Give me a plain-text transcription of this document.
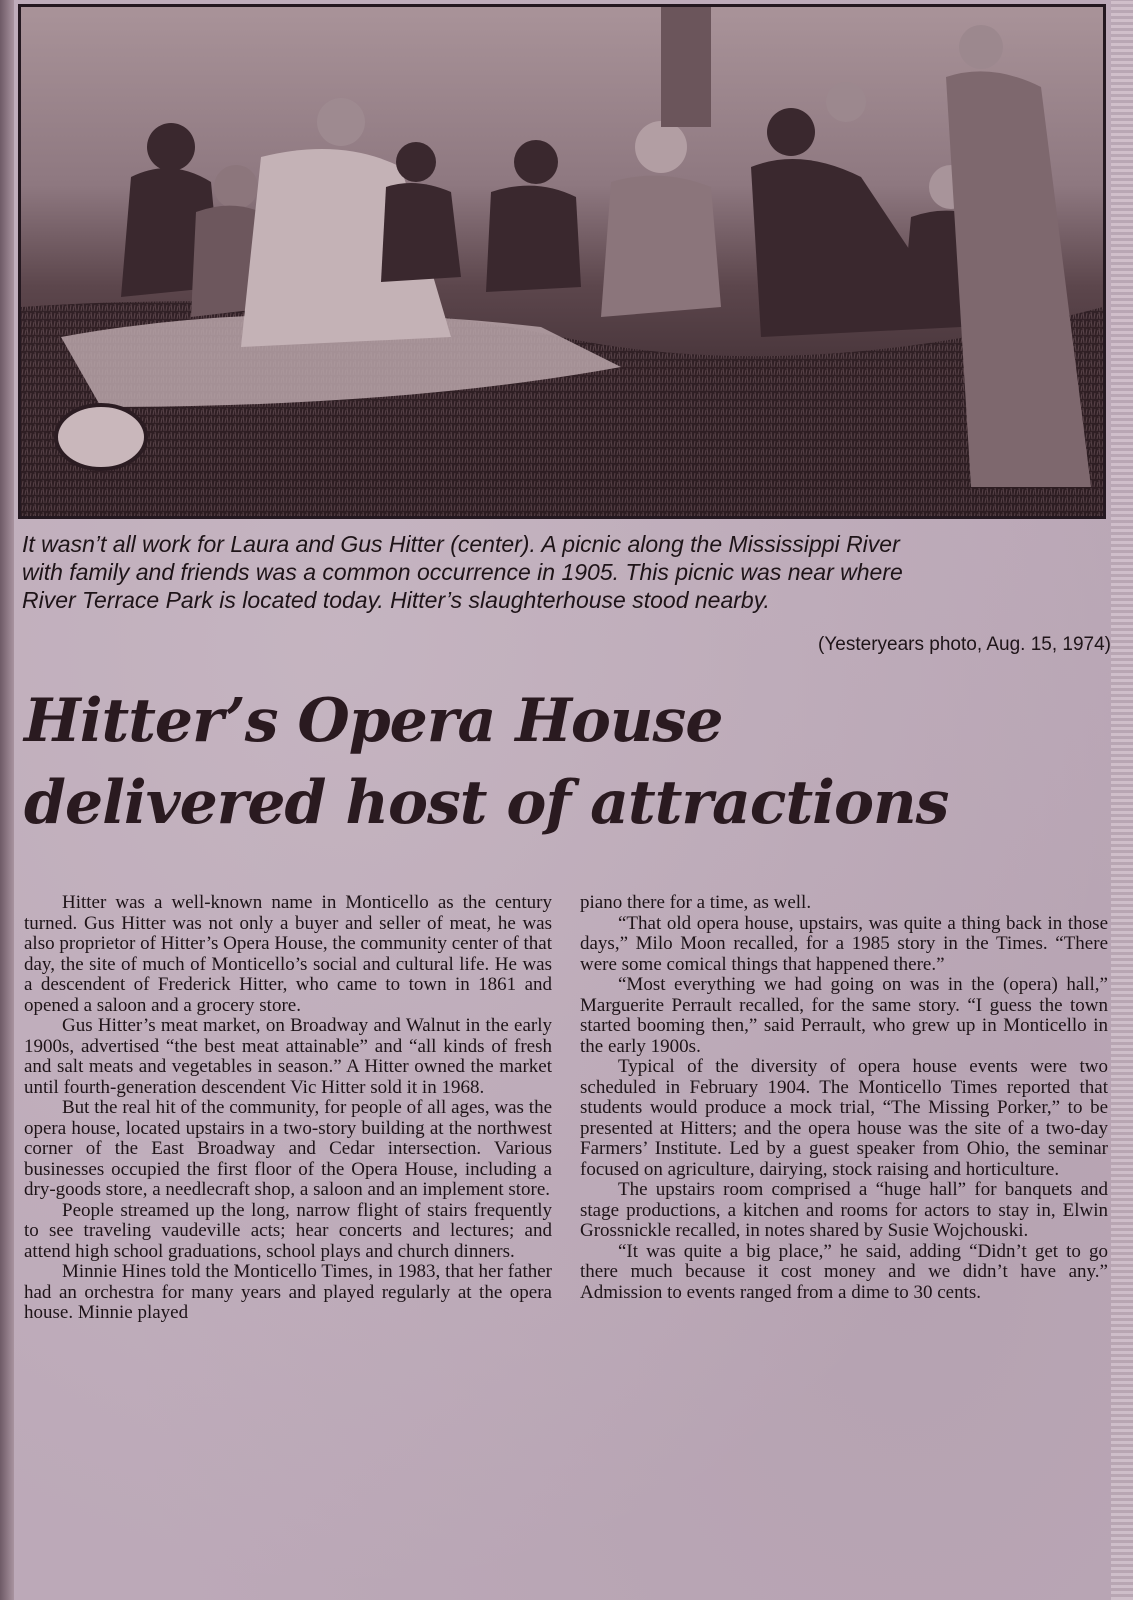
It wasn’t all work for Laura and Gus Hitter (center). A picnic along the Mississippi River
with family and friends was a common occurrence in 1905. This picnic was near where
River Terrace Park is located today. Hitter’s slaughterhouse stood nearby.
(Yesteryears photo, Aug. 15, 1974)
Hitter’s Opera House
delivered host of attractions

Hitter was a well-known name in Monticello as the century turned. Gus Hitter was not only a buyer and seller of meat, he was also proprietor of Hitter’s Opera House, the community center of that day, the site of much of Monticello’s social and cultural life. He was a descendent of Frederick Hitter, who came to town in 1861 and opened a saloon and a grocery store.

Gus Hitter’s meat market, on Broadway and Walnut in the early 1900s, advertised “the best meat attainable” and “all kinds of fresh and salt meats and vegetables in season.” A Hitter owned the market until fourth-generation descendent Vic Hitter sold it in 1968.

But the real hit of the community, for people of all ages, was the opera house, located upstairs in a two-story building at the northwest corner of the East Broadway and Cedar intersection. Various businesses occupied the first floor of the Opera House, including a dry-goods store, a needlecraft shop, a saloon and an implement store.

People streamed up the long, narrow flight of stairs frequently to see traveling vaudeville acts; hear concerts and lectures; and attend high school graduations, school plays and church dinners.

Minnie Hines told the Monticello Times, in 1983, that her father had an orchestra for many years and played regularly at the opera house. Minnie played

piano there for a time, as well.

“That old opera house, upstairs, was quite a thing back in those days,” Milo Moon recalled, for a 1985 story in the Times. “There were some comical things that happened there.”

“Most everything we had going on was in the (opera) hall,” Marguerite Perrault recalled, for the same story. “I guess the town started booming then,” said Perrault, who grew up in Monticello in the early 1900s.

Typical of the diversity of opera house events were two scheduled in February 1904. The Monticello Times reported that students would produce a mock trial, “The Missing Porker,” to be presented at Hitters; and the opera house was the site of a two-day Farmers’ Institute. Led by a guest speaker from Ohio, the seminar focused on agriculture, dairying, stock raising and horticulture.

The upstairs room comprised a “huge hall” for banquets and stage productions, a kitchen and rooms for actors to stay in, Elwin Grossnickle recalled, in notes shared by Susie Wojchouski.

“It was quite a big place,” he said, adding “Didn’t get to go there much because it cost money and we didn’t have any.” Admission to events ranged from a dime to 30 cents.
